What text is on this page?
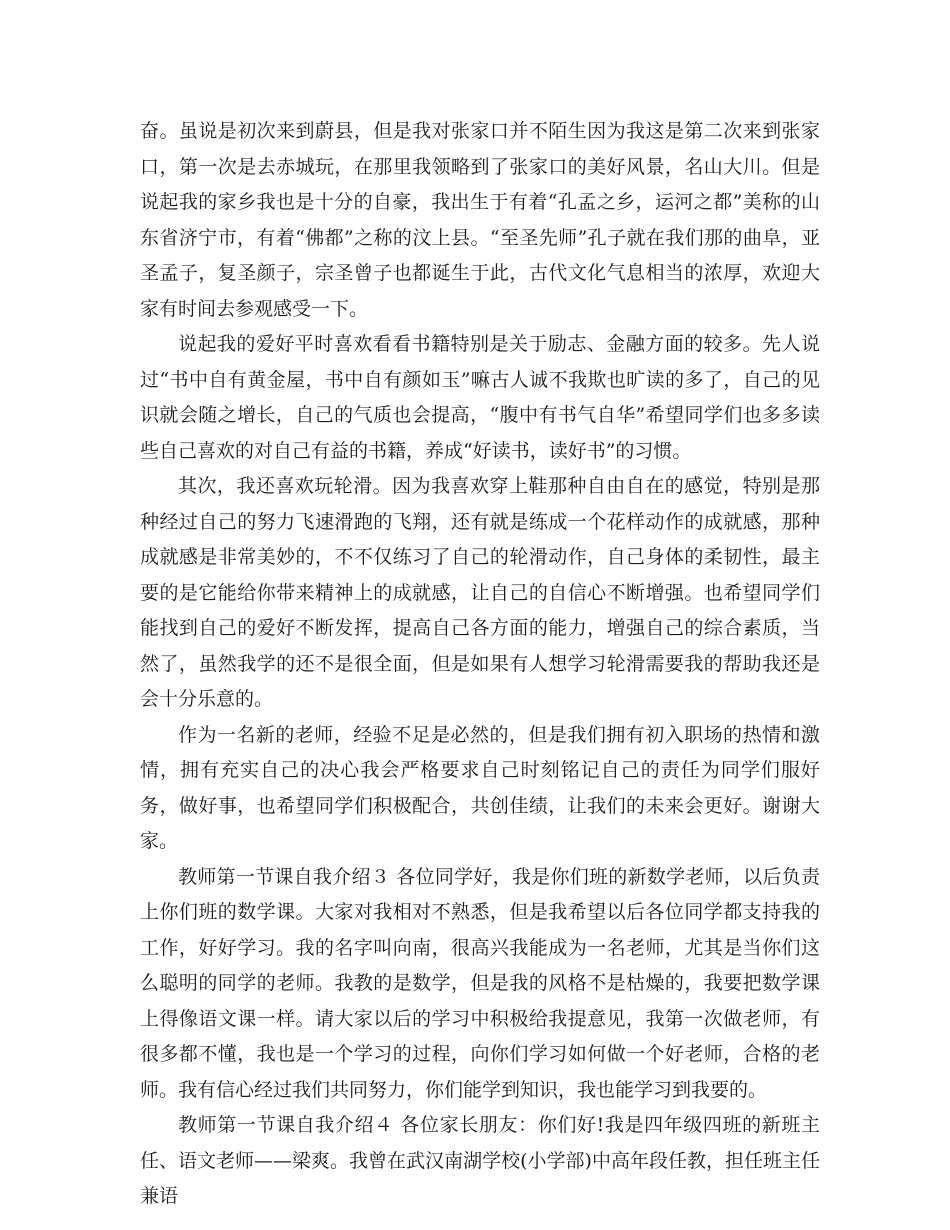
奋。虽说是初次来到蔚县，但是我对张家口并不陌生因为我这是第二次来到张家口，第一次是去赤城玩，在那里我领略到了张家口的美好风景，名山大川。但是说起我的家乡我也是十分的自豪，我出生于有着“孔孟之乡，运河之都”美称的山东省济宁市，有着“佛都”之称的汶上县。“至圣先师”孔子就在我们那的曲阜，亚圣孟子，复圣颜子，宗圣曾子也都诞生于此，古代文化气息相当的浓厚，欢迎大家有时间去参观感受一下。

说起我的爱好平时喜欢看看书籍特别是关于励志、金融方面的较多。先人说过“书中自有黄金屋，书中自有颜如玉”嘛古人诚不我欺也旷读的多了，自己的见识就会随之增长，自己的气质也会提高，“腹中有书气自华”希望同学们也多多读些自己喜欢的对自己有益的书籍，养成“好读书，读好书”的习惯。

其次，我还喜欢玩轮滑。因为我喜欢穿上鞋那种自由自在的感觉，特别是那种经过自己的努力飞速滑跑的飞翔，还有就是练成一个花样动作的成就感，那种成就感是非常美妙的，不不仅练习了自己的轮滑动作，自己身体的柔韧性，最主要的是它能给你带来精神上的成就感，让自己的自信心不断增强。也希望同学们能找到自己的爱好不断发挥，提高自己各方面的能力，增强自己的综合素质，当然了，虽然我学的还不是很全面，但是如果有人想学习轮滑需要我的帮助我还是会十分乐意的。

作为一名新的老师，经验不足是必然的，但是我们拥有初入职场的热情和激情，拥有充实自己的决心我会严格要求自己时刻铭记自己的责任为同学们服好务，做好事，也希望同学们积极配合，共创佳绩，让我们的未来会更好。谢谢大家。

教师第一节课自我介绍３ 各位同学好，我是你们班的新数学老师，以后负责上你们班的数学课。大家对我相对不熟悉，但是我希望以后各位同学都支持我的工作，好好学习。我的名字叫向南，很高兴我能成为一名老师，尤其是当你们这么聪明的同学的老师。我教的是数学，但是我的风格不是枯燥的，我要把数学课上得像语文课一样。请大家以后的学习中积极给我提意见，我第一次做老师，有很多都不懂，我也是一个学习的过程，向你们学习如何做一个好老师，合格的老师。我有信心经过我们共同努力，你们能学到知识，我也能学习到我要的。

教师第一节课自我介绍４ 各位家长朋友：你们好!我是四年级四班的新班主任、语文老师——梁爽。我曾在武汉南湖学校(小学部)中高年段任教，担任班主任兼语
